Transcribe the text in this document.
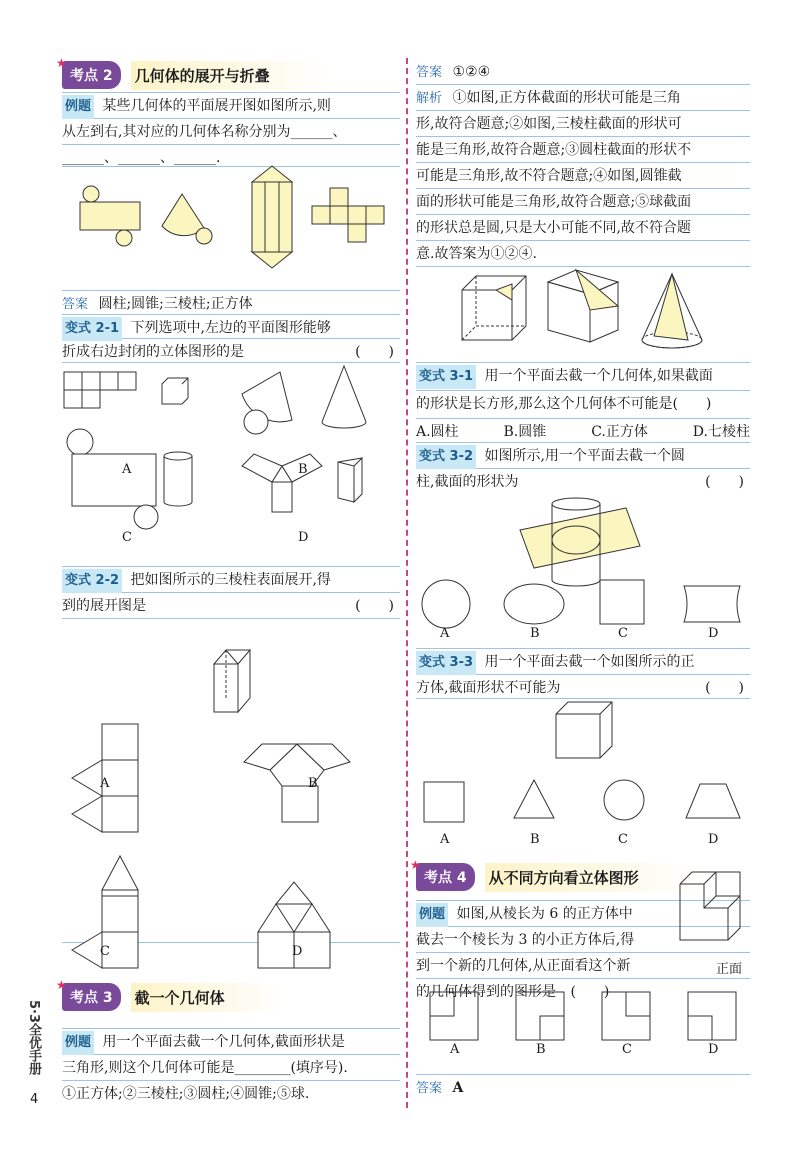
★
考点 2	几何体的展开与折叠
例题 某些几何体的平面展开图如图所示,则
从左到右,其对应的几何体名称分别为______、
______、______、______.
答案 圆柱;圆锥;三棱柱;正方体
变式 2-1 下列选项中,左边的平面图形能够
折成右边封闭的立体图形的是	(　　)
A	B
C	D
变式 2-2 把如图所示的三棱柱表面展开,得
到的展开图是	(　　)
A	B
C	D
★
考点 3	截一个几何体
例题 用一个平面去截一个几何体,截面形状是
三角形,则这个几何体可能是________(填序号).
①正方体;②三棱柱;③圆柱;④圆锥;⑤球.
答案 ①②④
解析 ①如图,正方体截面的形状可能是三角
形,故符合题意;②如图,三棱柱截面的形状可
能是三角形,故符合题意;③圆柱截面的形状不
可能是三角形,故不符合题意;④如图,圆锥截
面的形状可能是三角形,故符合题意;⑤球截面
的形状总是圆,只是大小可能不同,故不符合题
意.故答案为①②④.
变式 3-1 用一个平面去截一个几何体,如果截面
的形状是长方形,那么这个几何体不可能是(　　)
A.圆柱	B.圆锥	C.正方体	D.七棱柱
变式 3-2 如图所示,用一个平面去截一个圆
柱,截面的形状为	(　　)
A	B	C	D
变式 3-3 用一个平面去截一个如图所示的正
方体,截面形状不可能为	(　　)
A	B	C	D
★
考点 4	从不同方向看立体图形
例题 如图,从棱长为 6 的正方体中
截去一个棱长为 3 的小正方体后,得
到一个新的几何体,从正面看这个新
的几何体得到的图形是 (　　)
正面
A	B	C	D
答案 A
5·3全优手册
4
